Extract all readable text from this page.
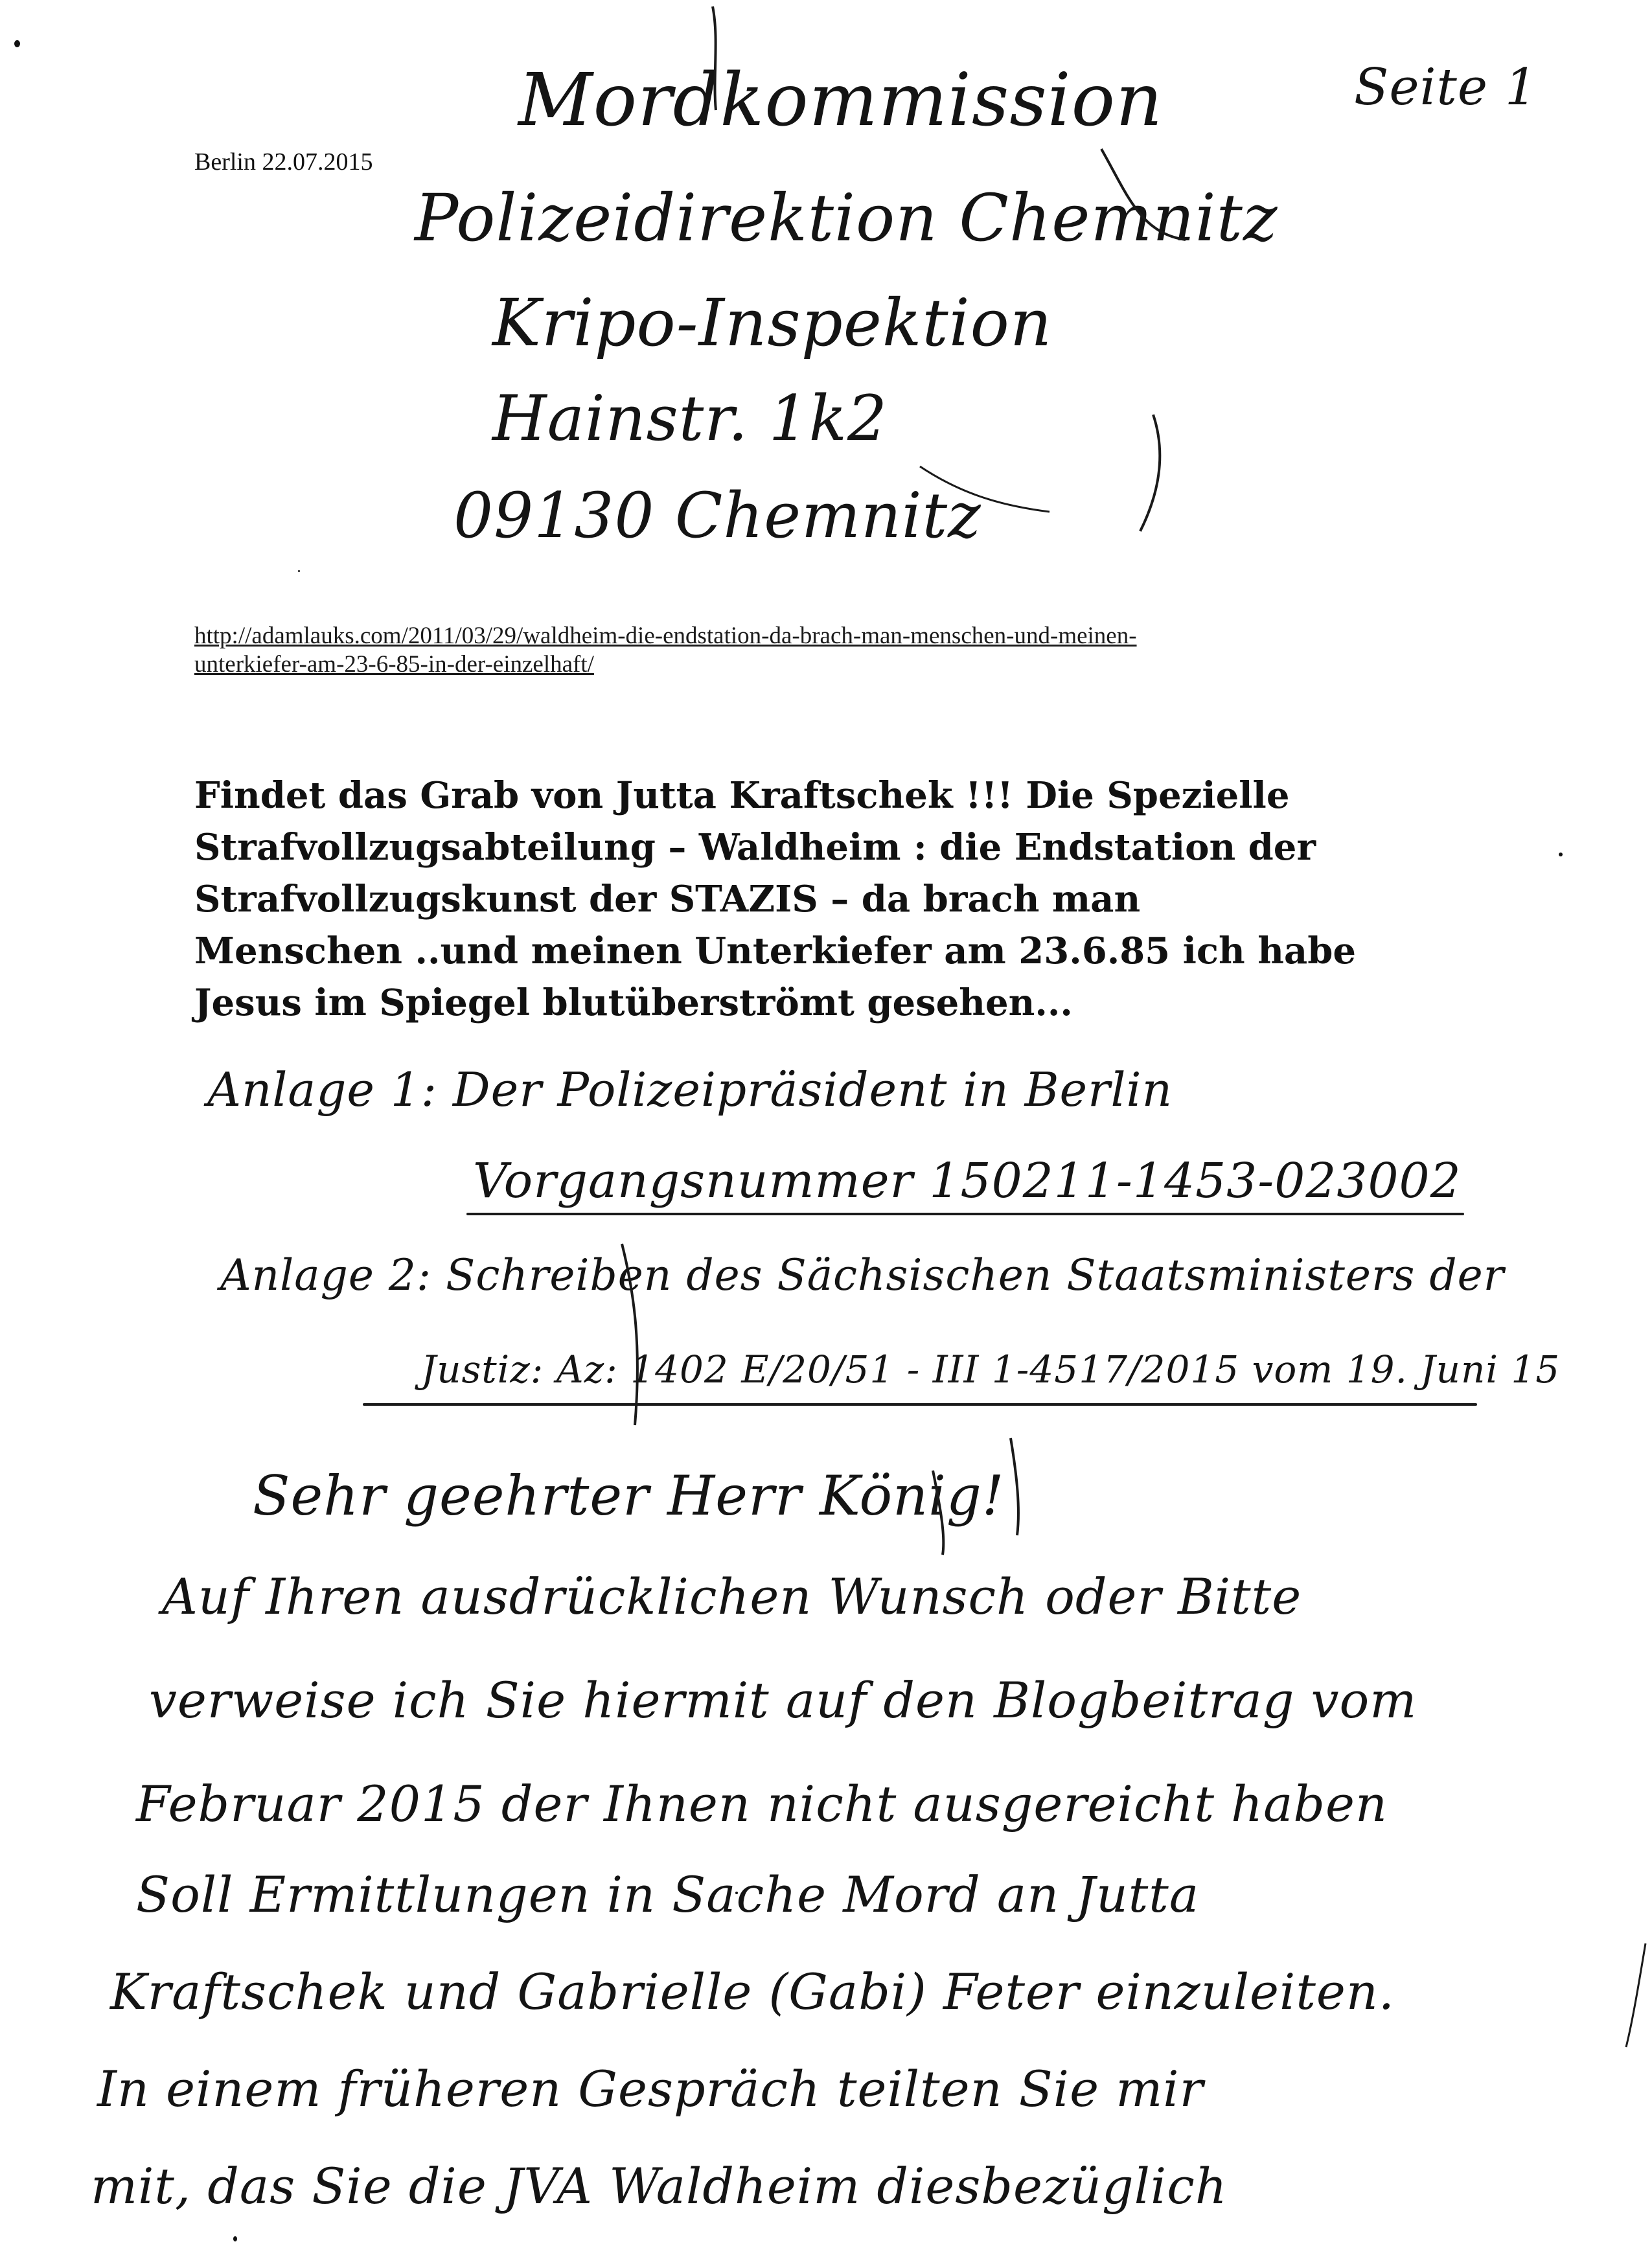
Seite 1
Berlin 22.07.2015
Mordkommission
Polizeidirektion Chemnitz
Kripo-Inspektion
Hainstr. 1k2
09130 Chemnitz
http://adamlauks.com/2011/03/29/waldheim-die-endstation-da-brach-man-menschen-und-meinen-
unterkiefer-am-23-6-85-in-der-einzelhaft/
Findet das Grab von Jutta Kraftschek !!! Die Spezielle
Strafvollzugsabteilung – Waldheim : die Endstation der
Strafvollzugskunst der STAZIS – da brach man
Menschen ..und meinen Unterkiefer am 23.6.85 ich habe
Jesus im Spiegel blutüberströmt gesehen...
Anlage 1: Der Polizeipräsident in Berlin
Vorgangsnummer 150211-1453-023002
Anlage 2: Schreiben des Sächsischen Staatsministers der
Justiz: Az: 1402 E/20/51 - III 1-4517/2015 vom 19. Juni 15
Sehr geehrter Herr König!
Auf Ihren ausdrücklichen Wunsch oder Bitte
verweise ich Sie hiermit auf den Blogbeitrag vom
Februar 2015 der Ihnen nicht ausgereicht haben
Soll Ermittlungen in Sache Mord an Jutta
Kraftschek und Gabrielle (Gabi) Feter einzuleiten.
In einem früheren Gespräch teilten Sie mir
mit, das Sie die JVA Waldheim diesbezüglich
